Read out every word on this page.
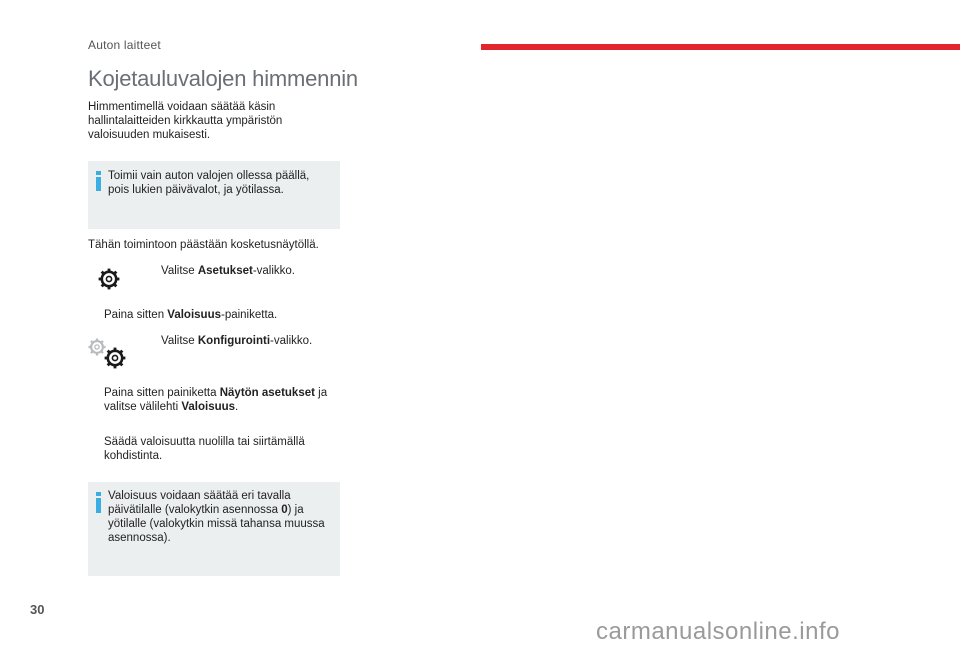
Auton laitteet
Kojetauluvalojen himmennin
Himmentimellä voidaan säätää käsin
hallintalaitteiden kirkkautta ympäristön
valoisuuden mukaisesti.
Toimii vain auton valojen ollessa päällä,
pois lukien päivävalot, ja yötilassa.
Tähän toimintoon päästään kosketusnäytöllä.
Valitse Asetukset-valikko.
Paina sitten Valoisuus-painiketta.
Valitse Konfigurointi-valikko.
Paina sitten painiketta Näytön asetukset ja
valitse välilehti Valoisuus.
Säädä valoisuutta nuolilla tai siirtämällä
kohdistinta.
Valoisuus voidaan säätää eri tavalla
päivätilalle (valokytkin asennossa 0) ja
yötilalle (valokytkin missä tahansa muussa
asennossa).
30
carmanualsonline.info
